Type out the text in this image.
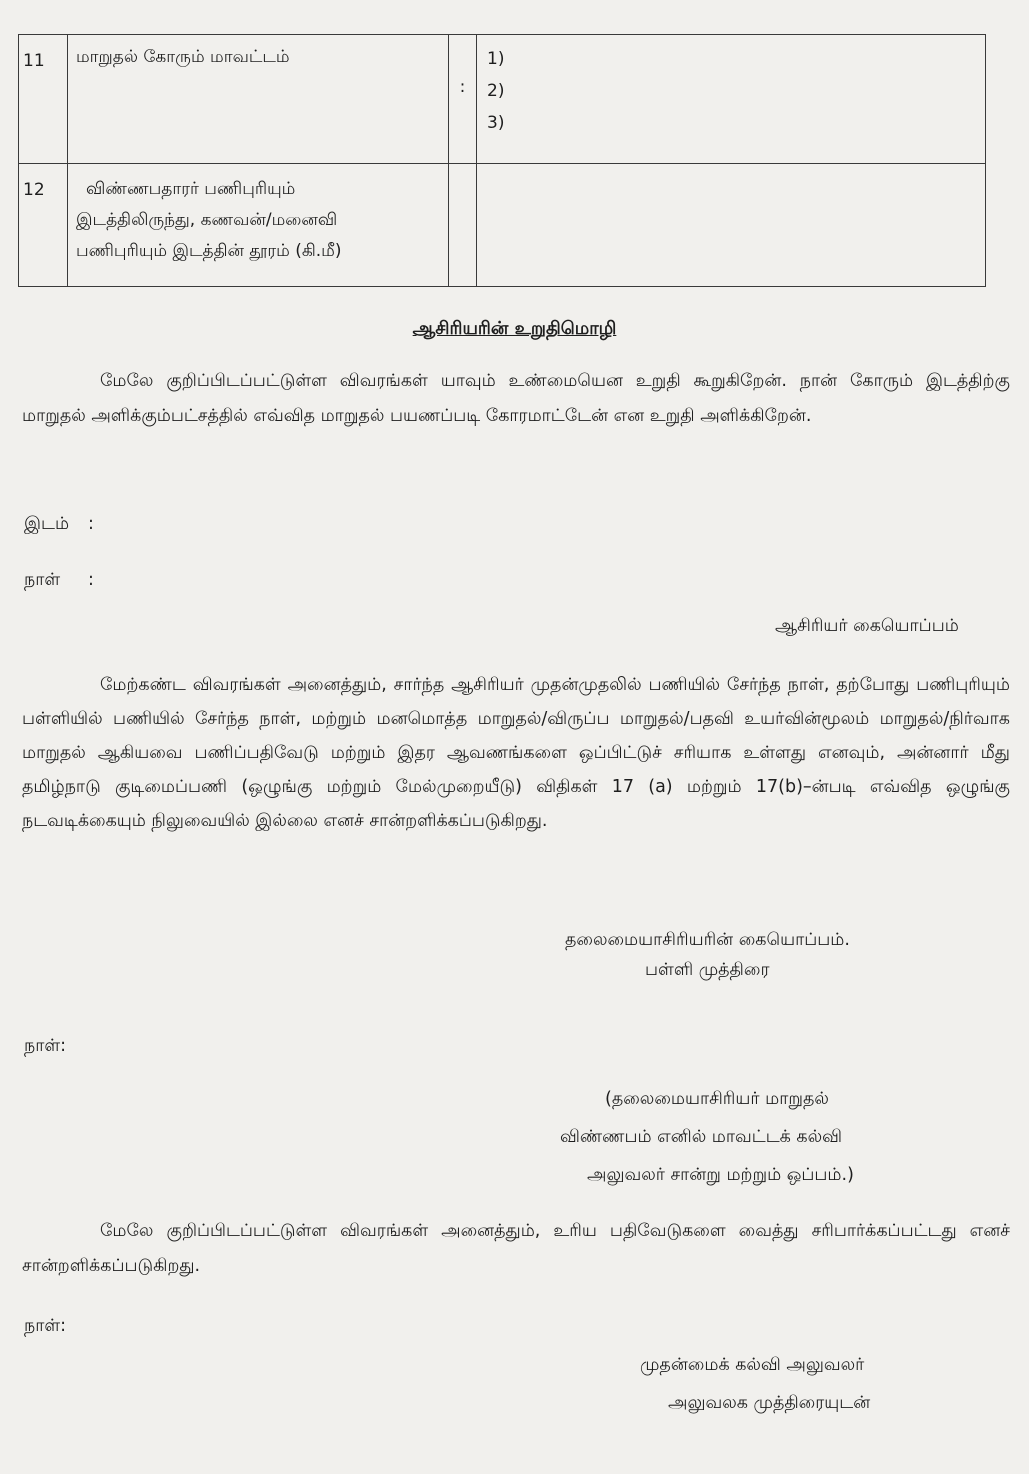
11	மாறுதல் கோரும் மாவட்டம்	:	1)
2)
3)

12	விண்ணபதாரர் பணிபுரியும்
இடத்திலிருந்து, கணவன்/மனைவி
பணிபுரியும் இடத்தின் தூரம் (கி.மீ)		

ஆசிரியரின் உறுதிமொழி

மேலே குறிப்பிடப்பட்டுள்ள விவரங்கள் யாவும் உண்மையென உறுதி கூறுகிறேன். நான் கோரும் இடத்திற்கு மாறுதல் அளிக்கும்பட்சத்தில் எவ்வித மாறுதல் பயணப்படி கோரமாட்டேன் என உறுதி அளிக்கிறேன்.

இடம் :
நாள் :
ஆசிரியர் கையொப்பம்

மேற்கண்ட விவரங்கள் அனைத்தும், சார்ந்த ஆசிரியர் முதன்முதலில் பணியில் சேர்ந்த நாள், தற்போது பணிபுரியும் பள்ளியில் பணியில் சேர்ந்த நாள், மற்றும் மனமொத்த மாறுதல்/விருப்ப மாறுதல்/பதவி உயர்வின்மூலம் மாறுதல்/நிர்வாக மாறுதல் ஆகியவை பணிப்பதிவேடு மற்றும் இதர ஆவணங்களை ஒப்பிட்டுச் சரியாக உள்ளது எனவும், அன்னார் மீது தமிழ்நாடு குடிமைப்பணி (ஒழுங்கு மற்றும் மேல்முறையீடு) விதிகள் 17 (a) மற்றும் 17(b)–ன்படி எவ்வித ஒழுங்கு நடவடிக்கையும் நிலுவையில் இல்லை எனச் சான்றளிக்கப்படுகிறது.

தலைமையாசிரியரின் கையொப்பம்.
பள்ளி முத்திரை
நாள்:
(தலைமையாசிரியர் மாறுதல்
விண்ணபம் எனில் மாவட்டக் கல்வி
அலுவலர் சான்று மற்றும் ஒப்பம்.)

மேலே குறிப்பிடப்பட்டுள்ள விவரங்கள் அனைத்தும், உரிய பதிவேடுகளை வைத்து சரிபார்க்கப்பட்டது எனச் சான்றளிக்கப்படுகிறது.

நாள்:
முதன்மைக் கல்வி அலுவலர்
அலுவலக முத்திரையுடன்
